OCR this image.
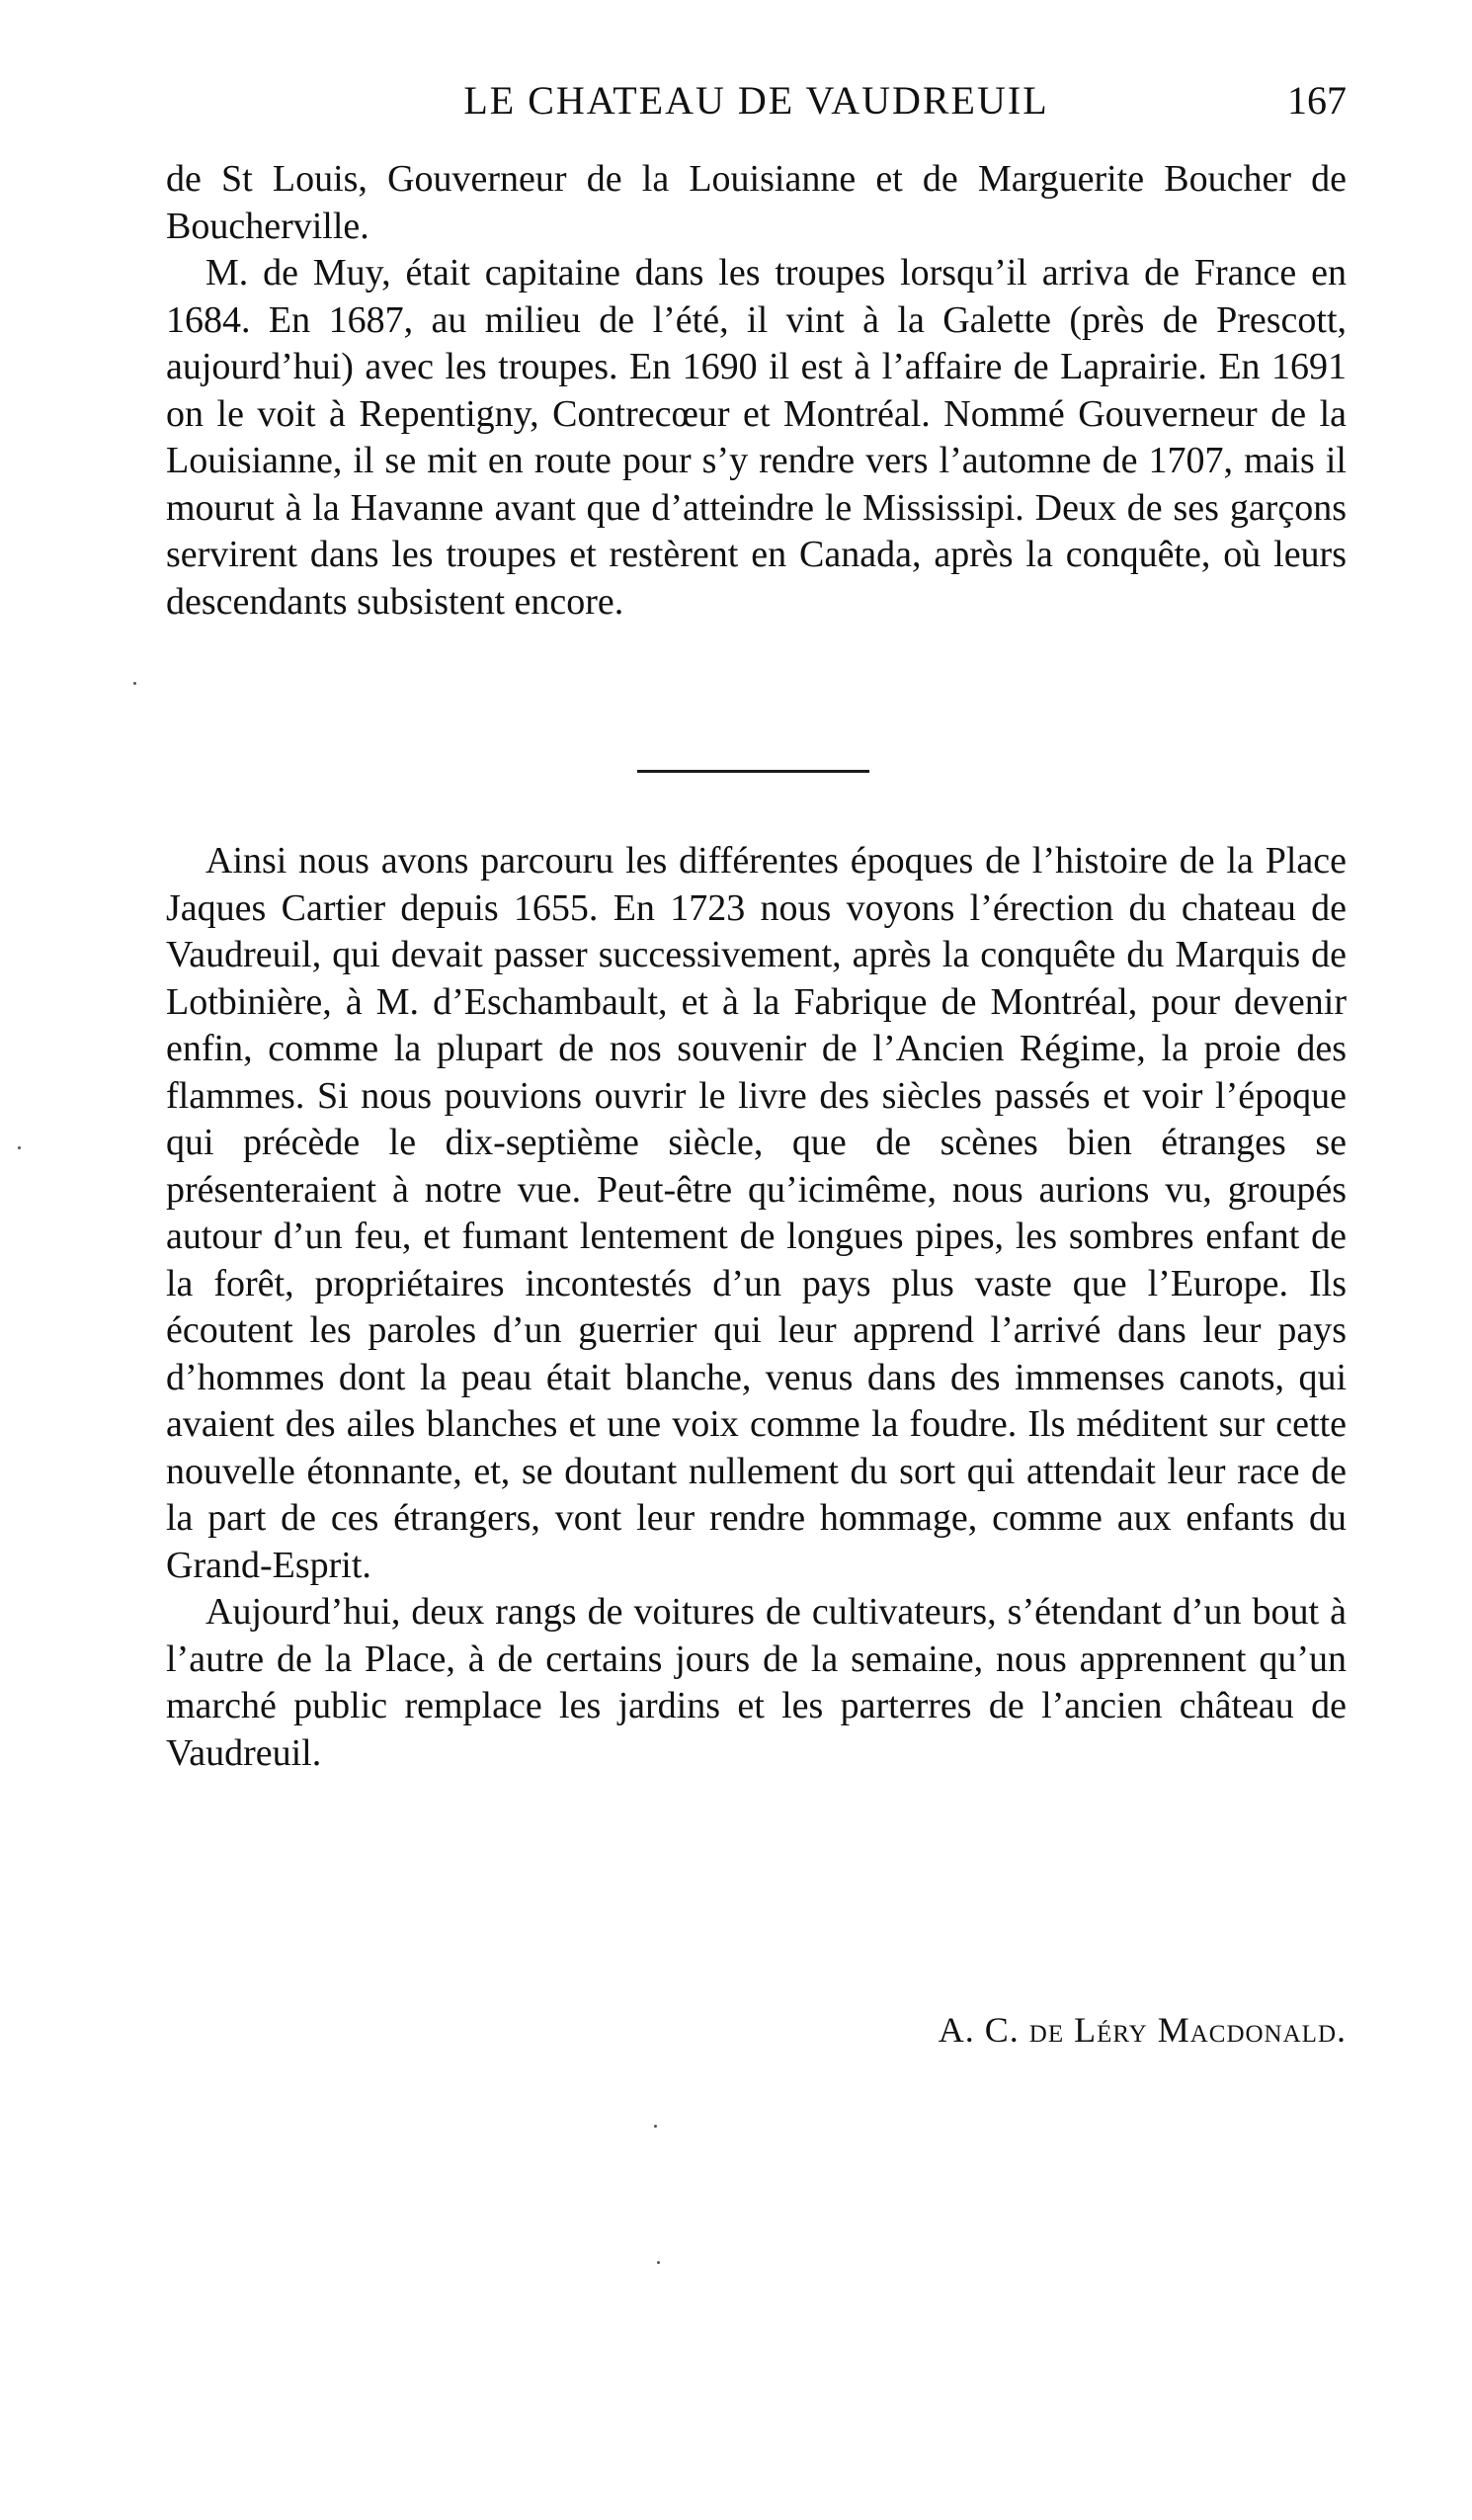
LE CHATEAU DE VAUDREUIL	167

de St Louis, Gouverneur de la Louisianne et de Marguerite Boucher de Boucherville.

M. de Muy, était capitaine dans les troupes lorsqu’il arriva de France en 1684. En 1687, au milieu de l’été, il vint à la Galette (près de Prescott, aujourd’hui) avec les troupes. En 1690 il est à l’affaire de Laprairie. En 1691 on le voit à Repentigny, Contrecœur et Montréal. Nommé Gouverneur de la Louisianne, il se mit en route pour s’y rendre vers l’automne de 1707, mais il mourut à la Havanne avant que d’atteindre le Mississipi. Deux de ses garçons servirent dans les troupes et restèrent en Canada, après la conquête, où leurs descendants subsistent encore.

Ainsi nous avons parcouru les différentes époques de l’histoire de la Place Jaques Cartier depuis 1655. En 1723 nous voyons l’érection du chateau de Vaudreuil, qui devait passer successivement, après la conquête du Marquis de Lotbinière, à M. d’Eschambault, et à la Fabrique de Montréal, pour devenir enfin, comme la plupart de nos souvenir de l’Ancien Régime, la proie des flammes. Si nous pouvions ouvrir le livre des siècles passés et voir l’époque qui précède le dix-septième siècle, que de scènes bien étranges se présenteraient à notre vue. Peut-être qu’icimême, nous aurions vu, groupés autour d’un feu, et fumant lentement de longues pipes, les sombres enfant de la forêt, propriétaires incontestés d’un pays plus vaste que l’Europe. Ils écoutent les paroles d’un guerrier qui leur apprend l’arrivé dans leur pays d’hommes dont la peau était blanche, venus dans des immenses canots, qui avaient des ailes blanches et une voix comme la foudre. Ils méditent sur cette nouvelle étonnante, et, se doutant nullement du sort qui attendait leur race de la part de ces étrangers, vont leur rendre hommage, comme aux enfants du Grand-Esprit.

Aujourd’hui, deux rangs de voitures de cultivateurs, s’étendant d’un bout à l’autre de la Place, à de certains jours de la semaine, nous apprennent qu’un marché public remplace les jardins et les parterres de l’ancien château de Vaudreuil.

A. C. de Léry Macdonald.
